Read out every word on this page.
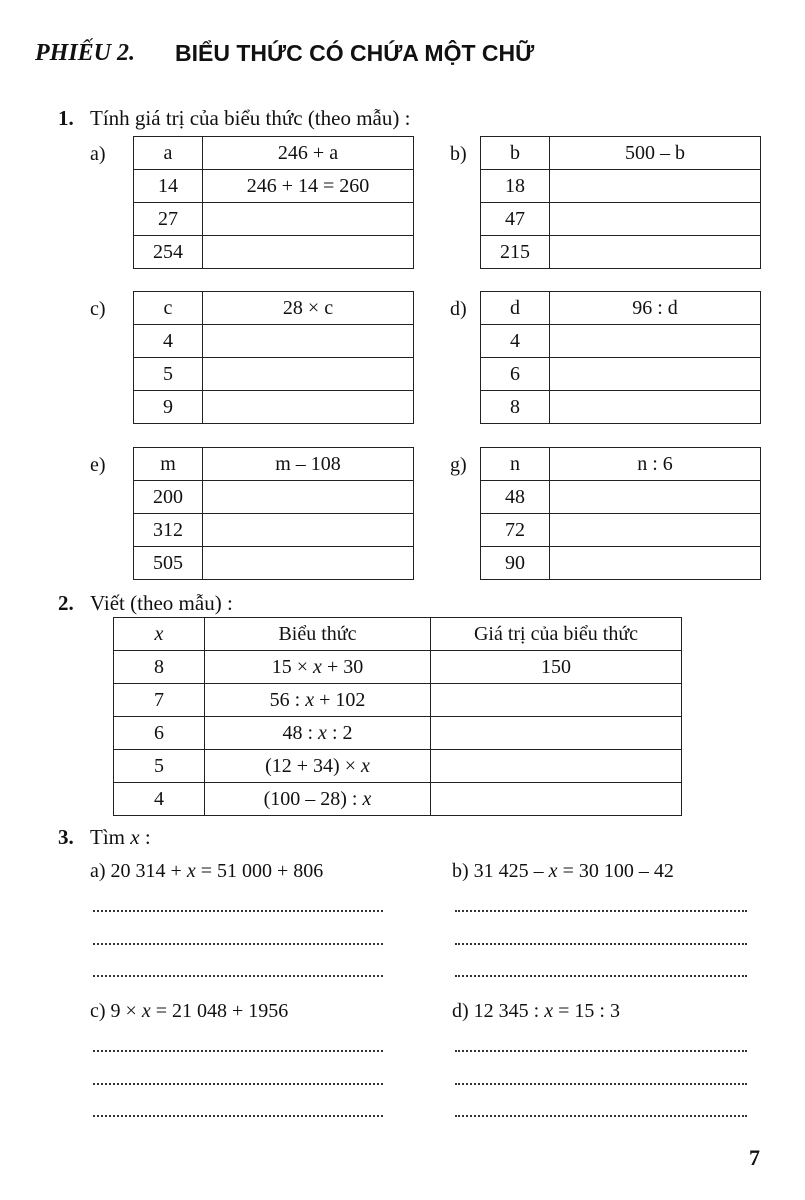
PHIẾU 2. BIỂU THỨC CÓ CHỨA MỘT CHỮ
1. Tính giá trị của biểu thức (theo mẫu) :
a)	a	246 + a
14	246 + 14 = 260
27	
254	
b) b	500 – b
18	
47	
215	
c)	c	28 × c
4	
5	
9	
d) d	96 : d
4	
6	
8	
e)	m	m – 108
200	
312	
505	
g) n	n : 6
48	
72	
90	
2. Viết (theo mẫu) :
x	Biểu thức	Giá trị của biểu thức
8	15 × x + 30	150
7	56 : x + 102	
6	48 : x : 2	
5	(12 + 34) × x	
4	(100 – 28) : x	
3. Tìm x :
a) 20 314 + x = 51 000 + 806	b) 31 425 – x = 30 100 – 42
c) 9 × x = 21 048 + 1956	d) 12 345 : x = 15 : 3
7
